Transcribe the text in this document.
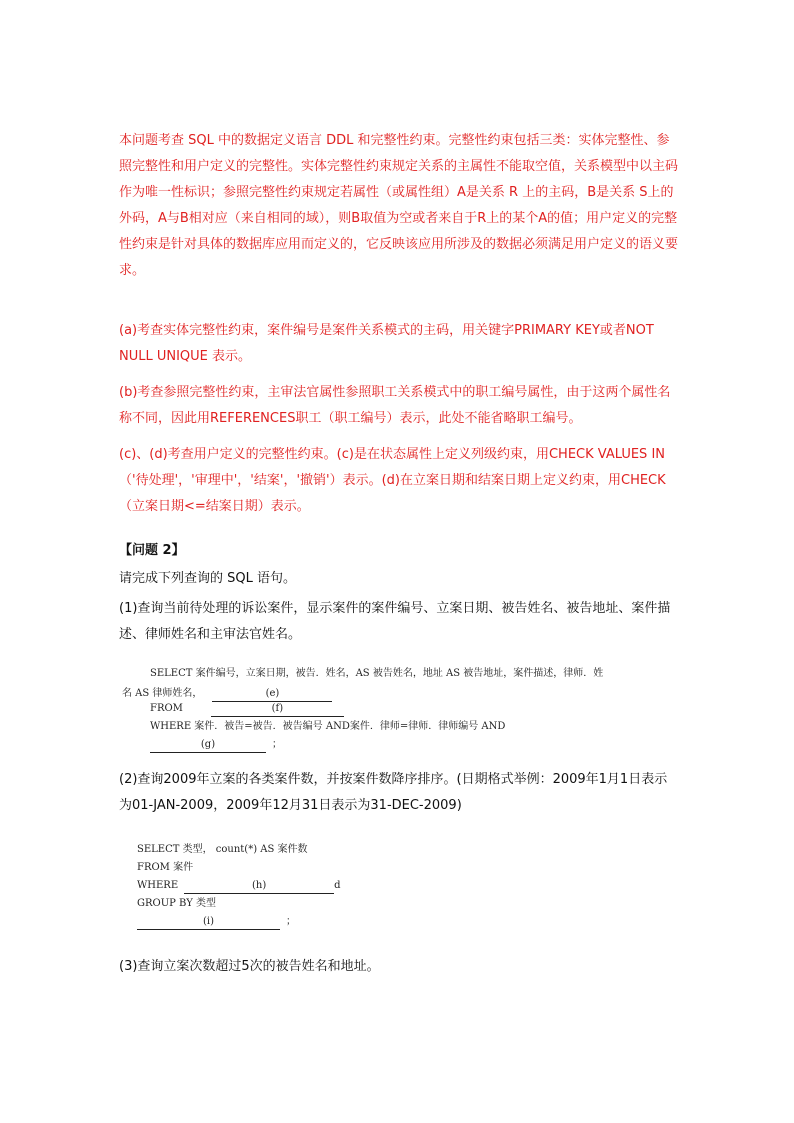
本问题考查 SQL 中的数据定义语言 DDL 和完整性约束。完整性约束包括三类：实体完整性、参照完整性和用户定义的完整性。实体完整性约束规定关系的主属性不能取空值，关系模型中以主码作为唯一性标识；参照完整性约束规定若属性（或属性组）A是关系 R 上的主码，B是关系 S上的外码，A与B相对应（来自相同的域），则B取值为空或者来自于R上的某个A的值；用户定义的完整性约束是针对具体的数据库应用而定义的，它反映该应用所涉及的数据必须满足用户定义的语义要求。

(a)考查实体完整性约束，案件编号是案件关系模式的主码，用关键字PRIMARY KEY或者NOT NULL UNIQUE 表示。

(b)考查参照完整性约束，主审法官属性参照职工关系模式中的职工编号属性，由于这两个属性名称不同，因此用REFERENCES职工（职工编号）表示，此处不能省略职工编号。

(c)、(d)考查用户定义的完整性约束。(c)是在状态属性上定义列级约束，用CHECK VALUES IN （'待处理'，'审理中'，'结案'，'撤销'）表示。(d)在立案日期和结案日期上定义约束，用CHECK（立案日期<=结案日期）表示。

【问题 2】

请完成下列查询的 SQL 语句。

(1)查询当前待处理的诉讼案件，显示案件的案件编号、立案日期、被告姓名、被告地址、案件描述、律师姓名和主审法官姓名。

SELECT 案件编号，立案日期，被告．姓名，AS 被告姓名，地址 AS 被告地址，案件描述，律师．姓
名 AS 律师姓名，	(e)
FROM	(f)
WHERE 案件．被告=被告．被告编号 AND案件．律师=律师．律师编号 AND
(g)	；

(2)查询2009年立案的各类案件数，并按案件数降序排序。(日期格式举例：2009年1月1日表示为01-JAN-2009，2009年12月31日表示为31-DEC-2009)

SELECT 类型， count(*) AS 案件数
FROM 案件
WHERE	(h)	d
GROUP BY 类型
(i)	；

(3)查询立案次数超过5次的被告姓名和地址。
